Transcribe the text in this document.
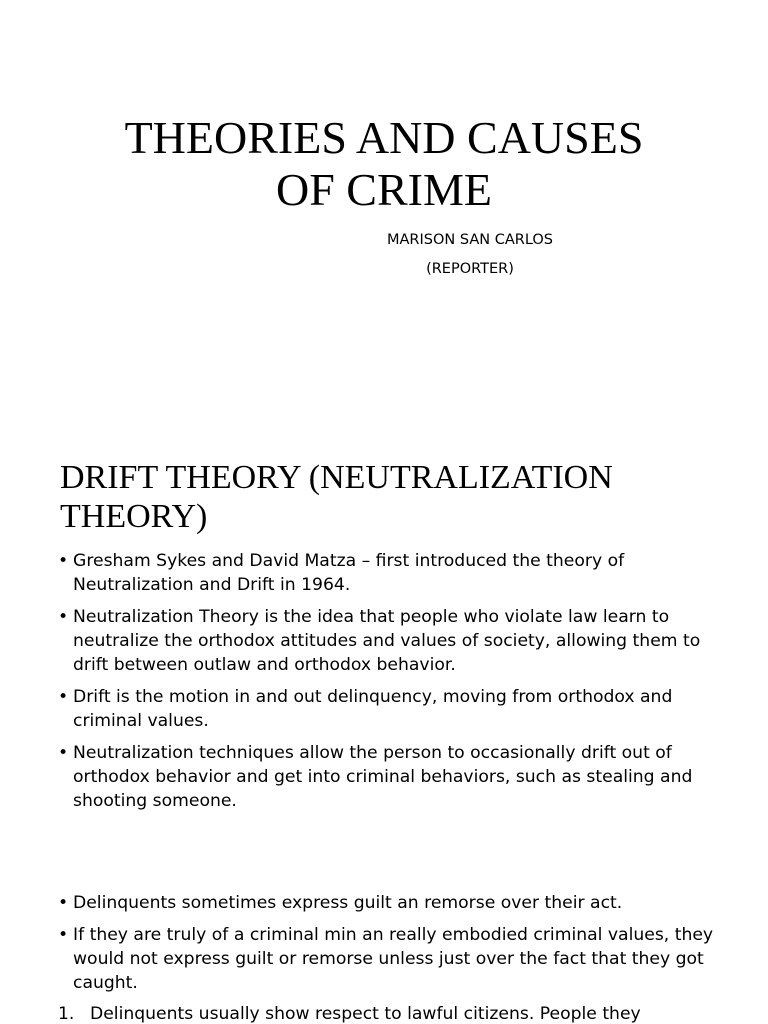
THEORIES AND CAUSES
OF CRIME
MARISON SAN CARLOS
(REPORTER)
DRIFT THEORY (NEUTRALIZATION
THEORY)
• Gresham Sykes and David Matza – first introduced the theory of Neutralization and Drift in 1964.
• Neutralization Theory is the idea that people who violate law learn to neutralize the orthodox attitudes and values of society, allowing them to drift between outlaw and orthodox behavior.
• Drift is the motion in and out delinquency, moving from orthodox and criminal values.
• Neutralization techniques allow the person to occasionally drift out of orthodox behavior and get into criminal behaviors, such as stealing and shooting someone.
• Delinquents sometimes express guilt an remorse over their act.
• If they are truly of a criminal min an really embodied criminal values, they would not express guilt or remorse unless just over the fact that they got caught.
1. Delinquents usually show respect to lawful citizens. People they
